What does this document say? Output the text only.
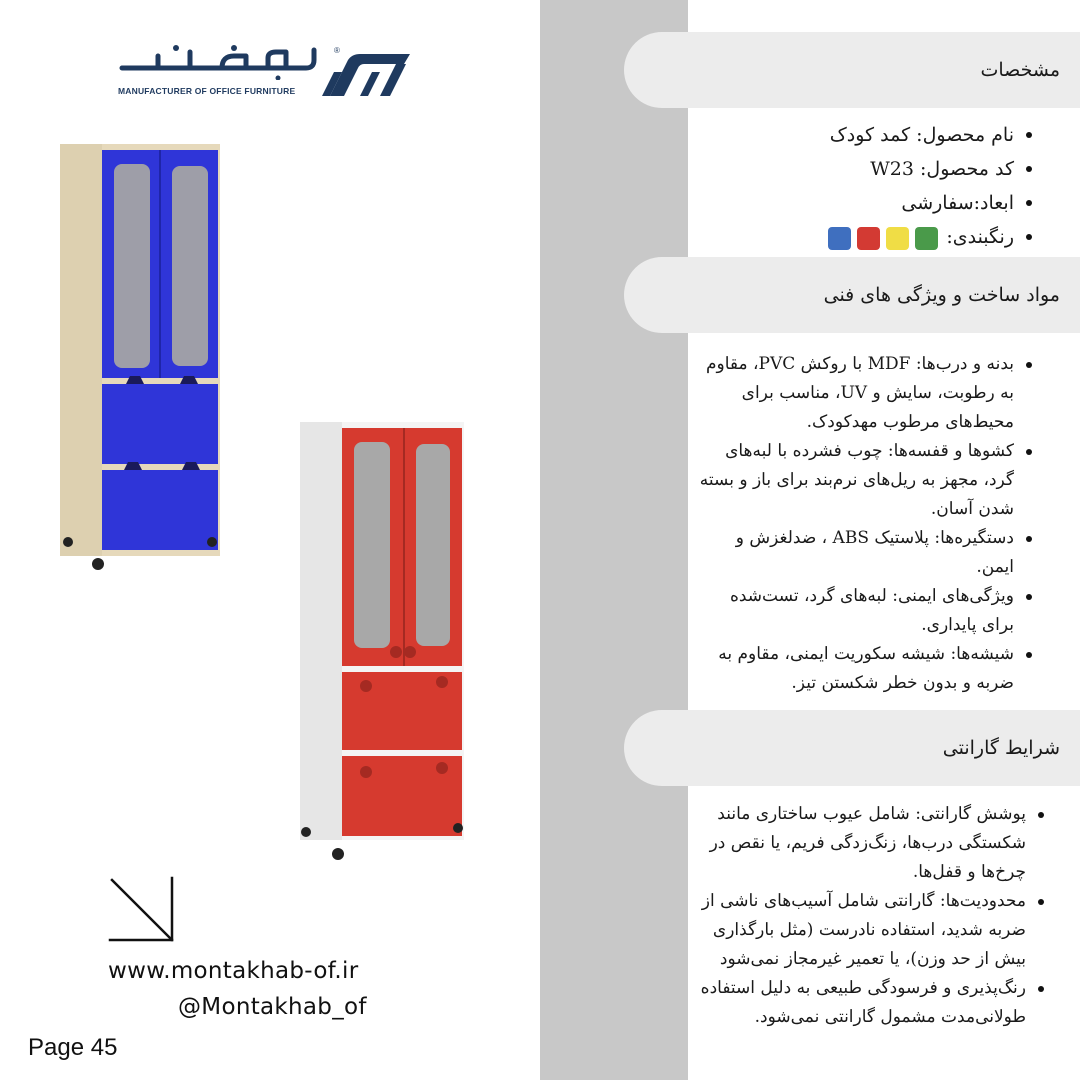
MANUFACTURER OF OFFICE FURNITURE
®
www.montakhab-of.ir
@Montakhab_of
Page 45
مشخصات
مواد ساخت و ویژگی های فنی
شرایط گارانتی
نام محصول: کمد کودک
کد محصول: W23
ابعاد:سفارشی
رنگبندی:
بدنه و درب‌ها: MDF با روکش PVC، مقاوم به رطوبت، سایش و UV، مناسب برای محیط‌های مرطوب مهدکودک.
کشوها و قفسه‌ها: چوب فشرده با لبه‌های گرد، مجهز به ریل‌های نرم‌بند برای باز و بسته شدن آسان.
دستگیره‌ها: پلاستیک ABS ، ضدلغزش و ایمن.
ویژگی‌های ایمنی: لبه‌های گرد، تست‌شده برای پایداری.
شیشه‌ها: شیشه سکوریت ایمنی، مقاوم به ضربه و بدون خطر شکستن تیز.
پوشش گارانتی: شامل عیوب ساختاری مانند شکستگی درب‌ها، زنگ‌زدگی فریم، یا نقص در چرخ‌ها و قفل‌ها.
محدودیت‌ها: گارانتی شامل آسیب‌های ناشی از ضربه شدید، استفاده نادرست (مثل بارگذاری بیش از حد وزن)، یا تعمیر غیرمجاز نمی‌شود
رنگ‌پذیری و فرسودگی طبیعی به دلیل استفاده طولانی‌مدت مشمول گارانتی نمی‌شود.
